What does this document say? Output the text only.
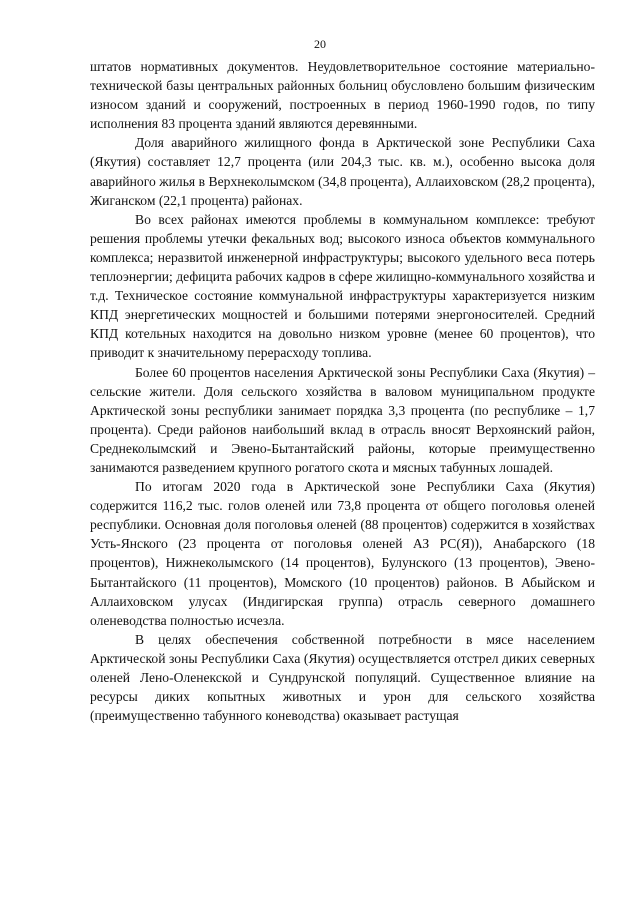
20

штатов нормативных документов. Неудовлетворительное состояние материально-технической базы центральных районных больниц обусловлено большим физическим износом зданий и сооружений, построенных в период 1960-1990 годов, по типу исполнения 83 процента зданий являются деревянными.

Доля аварийного жилищного фонда в Арктической зоне Республики Саха (Якутия) составляет 12,7 процента (или 204,3 тыс. кв. м.), особенно высока доля аварийного жилья в Верхнеколымском (34,8 процента), Аллаиховском (28,2 процента), Жиганском (22,1 процента) районах.

Во всех районах имеются проблемы в коммунальном комплексе: требуют решения проблемы утечки фекальных вод; высокого износа объектов коммунального комплекса; неразвитой инженерной инфраструктуры; высокого удельного веса потерь теплоэнергии; дефицита рабочих кадров в сфере жилищно-коммунального хозяйства и т.д. Техническое состояние коммунальной инфраструктуры характеризуется низким КПД энергетических мощностей и большими потерями энергоносителей. Средний КПД котельных находится на довольно низком уровне (менее 60 процентов), что приводит к значительному перерасходу топлива.

Более 60 процентов населения Арктической зоны Республики Саха (Якутия) – сельские жители. Доля сельского хозяйства в валовом муниципальном продукте Арктической зоны республики занимает порядка 3,3 процента (по республике – 1,7 процента). Среди районов наибольший вклад в отрасль вносят Верхоянский район, Среднеколымский и Эвено-Бытантайский районы, которые преимущественно занимаются разведением крупного рогатого скота и мясных табунных лошадей.

По итогам 2020 года в Арктической зоне Республики Саха (Якутия) содержится 116,2 тыс. голов оленей или 73,8 процента от общего поголовья оленей республики. Основная доля поголовья оленей (88 процентов) содержится в хозяйствах Усть-Янского (23 процента от поголовья оленей АЗ РС(Я)), Анабарского (18 процентов), Нижнеколымского (14 процентов), Булунского (13 процентов), Эвено-Бытантайского (11 процентов), Момского (10 процентов) районов. В Абыйском и Аллаиховском улусах (Индигирская группа) отрасль северного домашнего оленеводства полностью исчезла.

В целях обеспечения собственной потребности в мясе населением Арктической зоны Республики Саха (Якутия) осуществляется отстрел диких северных оленей Лено-Оленекской и Сундрунской популяций. Существенное влияние на ресурсы диких копытных животных и урон для сельского хозяйства (преимущественно табунного коневодства) оказывает растущая
